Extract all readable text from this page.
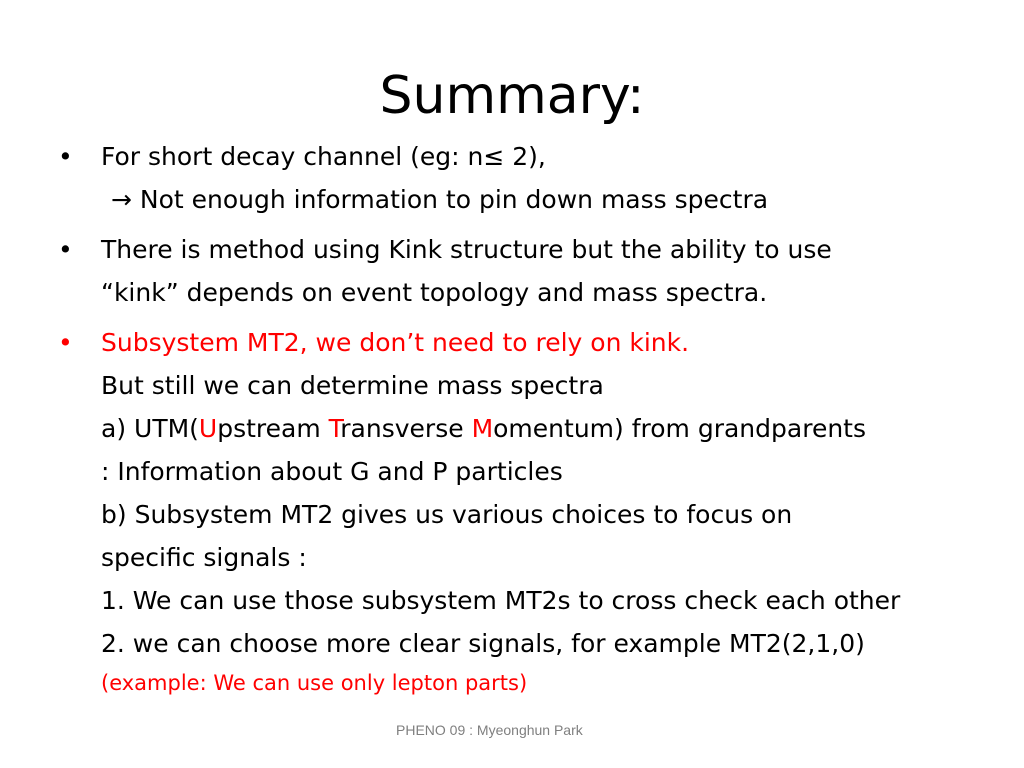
Summary:
• For short decay channel (eg: n≤ 2),
→ Not enough information to pin down mass spectra
• There is method using Kink structure but the ability to use
“kink” depends on event topology and mass spectra.
• Subsystem MT2, we don’t need to rely on kink.
But still we can determine mass spectra
a) UTM(Upstream Transverse Momentum) from grandparents
: Information about G and P particles
b) Subsystem MT2 gives us various choices to focus on
specific signals :
1. We can use those subsystem MT2s to cross check each other
2. we can choose more clear signals, for example MT2(2,1,0)
(example: We can use only lepton parts)
PHENO 09 : Myeonghun Park
